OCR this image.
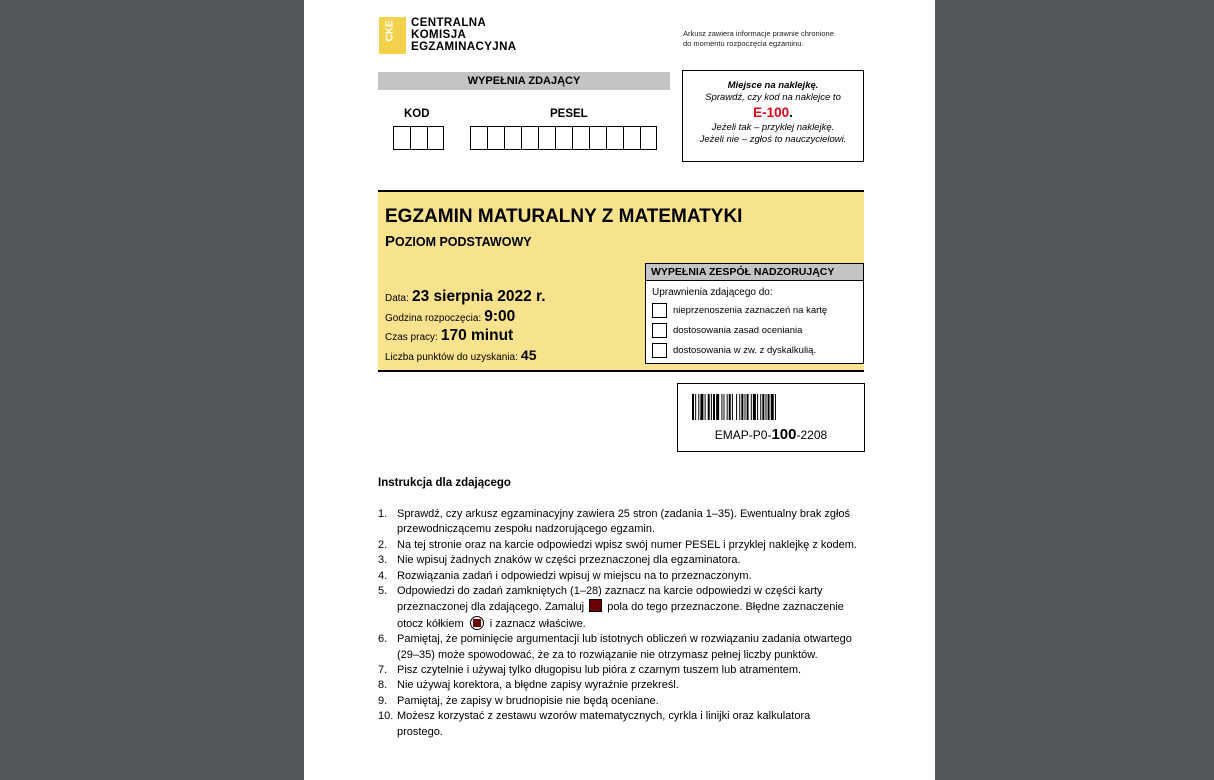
CKE CENTRALNA
KOMISJA
EGZAMINACYJNA
Arkusz zawiera informacje prawnie chronione
do momentu rozpoczęcia egzaminu.
WYPEŁNIA ZDAJĄCY
KOD	PESEL
Miejsce na naklejkę.
Sprawdź, czy kod na naklejce to
E-100.
Jeżeli tak – przyklej naklejkę.
Jeżeli nie – zgłoś to nauczycielowi.
EGZAMIN MATURALNY Z MATEMATYKI
POZIOM PODSTAWOWY
Data: 23 sierpnia 2022 r.
Godzina rozpoczęcia: 9:00
Czas pracy: 170 minut
Liczba punktów do uzyskania: 45
WYPEŁNIA ZESPÓŁ NADZORUJĄCY
Uprawnienia zdającego do:
nieprzenoszenia zaznaczeń na kartę
dostosowania zasad oceniania
dostosowania w zw. z dyskalkulią.
EMAP-P0-100-2208
Instrukcja dla zdającego
1. Sprawdź, czy arkusz egzaminacyjny zawiera 25 stron (zadania 1–35). Ewentualny brak zgłoś przewodniczącemu zespołu nadzorującego egzamin.
2. Na tej stronie oraz na karcie odpowiedzi wpisz swój numer PESEL i przyklej naklejkę z kodem.
3. Nie wpisuj żadnych znaków w części przeznaczonej dla egzaminatora.
4. Rozwiązania zadań i odpowiedzi wpisuj w miejscu na to przeznaczonym.
5. Odpowiedzi do zadań zamkniętych (1–28) zaznacz na karcie odpowiedzi w części karty przeznaczonej dla zdającego. Zamaluj pola do tego przeznaczone. Błędne zaznaczenie otocz kółkiem i zaznacz właściwe.
6. Pamiętaj, że pominięcie argumentacji lub istotnych obliczeń w rozwiązaniu zadania otwartego (29–35) może spowodować, że za to rozwiązanie nie otrzymasz pełnej liczby punktów.
7. Pisz czytelnie i używaj tylko długopisu lub pióra z czarnym tuszem lub atramentem.
8. Nie używaj korektora, a błędne zapisy wyraźnie przekreśl.
9. Pamiętaj, że zapisy w brudnopisie nie będą oceniane.
10. Możesz korzystać z zestawu wzorów matematycznych, cyrkla i linijki oraz kalkulatora prostego.
